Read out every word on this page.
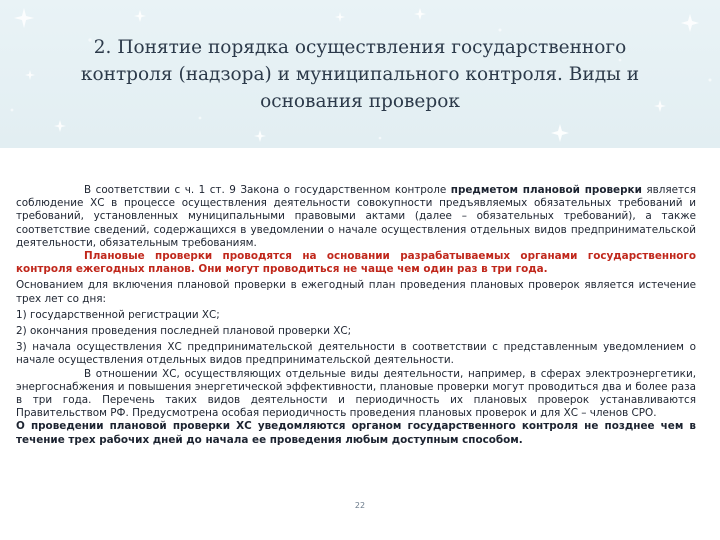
2. Понятие порядка осуществления государственного
контроля (надзора) и муниципального контроля. Виды и
основания проверок

В соответствии с ч. 1 ст. 9 Закона о государственном контроле предметом плановой проверки является соблюдение ХС в процессе осуществления деятельности совокупности предъявляемых обязательных требований и требований, установленных муниципальными правовыми актами (далее – обязательных требований), а также соответствие сведений, содержащихся в уведомлении о начале осуществления отдельных видов предпринимательской деятельности, обязательным требованиям.

Плановые проверки проводятся на основании разрабатываемых органами государственного контроля ежегодных планов. Они могут проводиться не чаще чем один раз в три года.

Основанием для включения плановой проверки в ежегодный план проведения плановых проверок является истечение трех лет со дня:

1) государственной регистрации ХС;

2) окончания проведения последней плановой проверки ХС;

3) начала осуществления ХС предпринимательской деятельности в соответствии с представленным уведомлением о начале осуществления отдельных видов предпринимательской деятельности.

В отношении ХС, осуществляющих отдельные виды деятельности, например, в сферах электроэнергетики, энергоснабжения и повышения энергетической эффективности, плановые проверки могут проводиться два и более раза в три года. Перечень таких видов деятельности и периодичность их плановых проверок устанавливаются Правительством РФ. Предусмотрена особая периодичность проведения плановых проверок и для ХС – членов СРО.

О проведении плановой проверки ХС уведомляются органом государственного контроля не позднее чем в течение трех рабочих дней до начала ее проведения любым доступным способом.

22
